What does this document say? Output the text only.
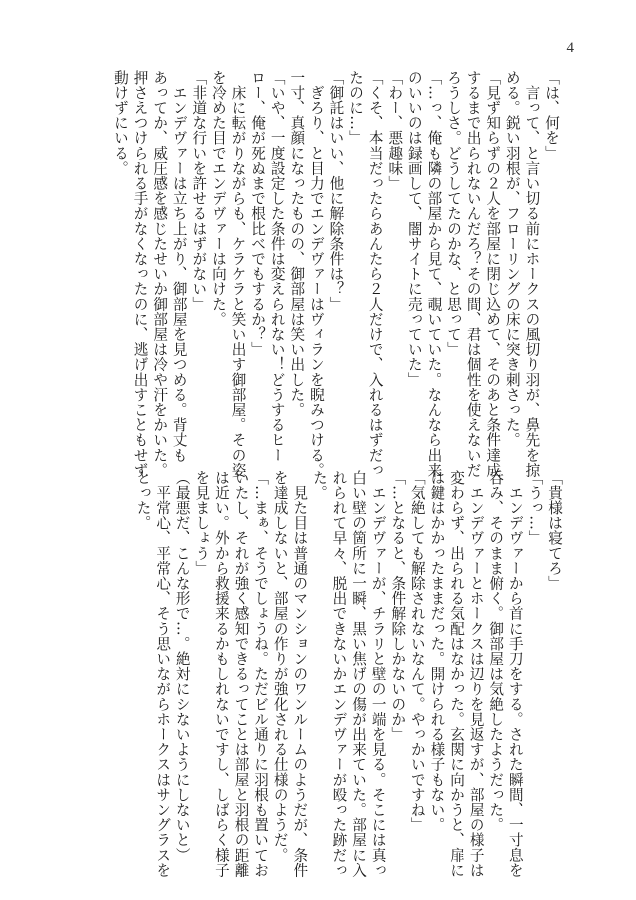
4
「は、何を」
　言って、と言い切る前にホークスの風切り羽が、鼻先を掠
める。鋭い羽根が、フローリングの床に突き刺さった。
「見ず知らずの２人を部屋に閉じ込めて、そのあと条件達成
するまで出られないんだろ？その間、君は個性を使えないだ
ろうしさ。どうしてたのかな、と思って」
「…っ、俺も隣の部屋から見て、覗いていた。なんなら出来
のいいのは録画して、闇サイトに売っていた」
「わー、悪趣味」
「くそ、本当だったらあんたら２人だけで、入れるはずだっ
たのに…」
「御託はいい、他に解除条件は？」
　ぎろり、と目力でエンデヴァーはヴィランを睨みつける。
一寸、真顔になったものの、御部屋は笑い出した。
「いや、一度設定した条件は変えられない！どうするヒー
ロー、俺が死ぬまで根比べでもするか？」
　床に転がりながらも、ケラケラと笑い出す御部屋。その姿
を冷めた目でエンデヴァーは向けた。
「非道な行いを許せるはずがない」
　エンデヴァーは立ち上がり、御部屋を見つめる。背丈も
あってか、威圧感を感じたせいか御部屋は冷や汗をかいた。
押さえつけられる手がなくなったのに、逃げ出すこともせず
動けずにいる。
「貴様は寝てろ」
「うっ…」
　エンデヴァーから首に手刀をする。された瞬間、一寸息を
呑み、そのまま俯く。御部屋は気絶したようだった。
　エンデヴァーとホークスは辺りを見返すが、部屋の様子は
変わらず、出られる気配はなかった。玄関に向かうと、扉に
は鍵はかかったままだった。開けられる様子もない。
「気絶しても解除されないなんて。やっかいですね」
「…となると、条件解除しかないのか」
　エンデヴァーが、チラリと壁の一端を見る。そこには真っ
白い壁の箇所に一瞬、黒い焦げの傷が出来ていた。部屋に入
れられて早々、脱出できないかエンデヴァーが殴った跡だっ
た。
　見た目は普通のマンションのワンルームのようだが、条件
を達成しないと、部屋の作りが強化される仕様のようだ。
「…まぁ、そうでしょうね。ただビル通りに羽根も置いてお
いたし、それが強く感知できるってことは部屋と羽根の距離
は近い。外から救援来るかもしれないですし、しばらく様子
を見ましょう」
（最悪だ、こんな形で…。絶対にシないようにしないと）
　平常心、平常心、そう思いながらホークスはサングラスを
とった。
